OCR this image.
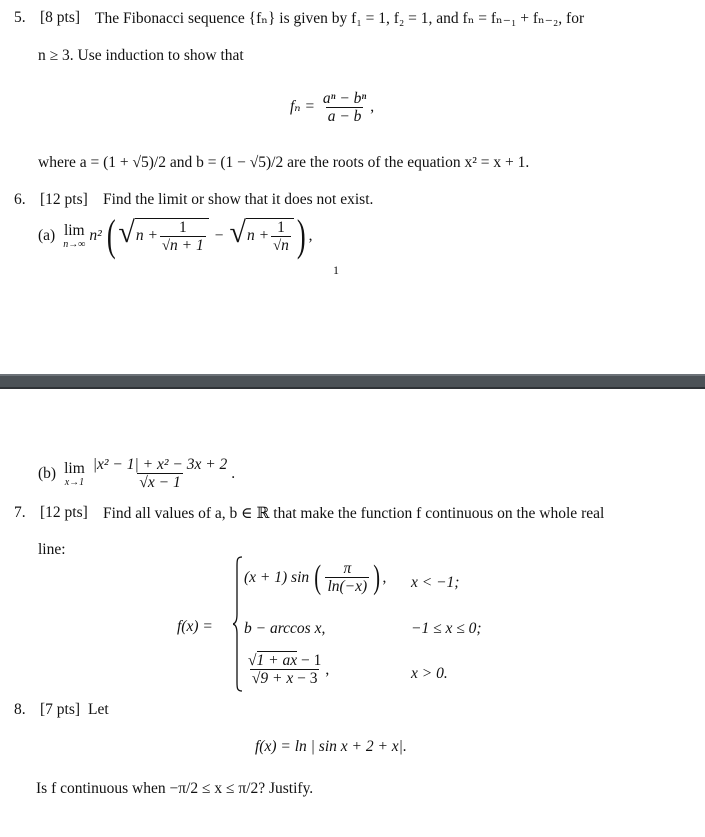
5. [8 pts] The Fibonacci sequence {fₙ} is given by f₁ = 1, f₂ = 1, and fₙ = fₙ₋₁ + fₙ₋₂, for
n ≥ 3. Use induction to show that
$f_n = \frac{\text{aⁿ − bⁿ}}{a - b}$ ,
where a = (1 + √5)/2 and b = (1 − √5)/2 are the roots of the equation x² = x + 1.
6. [12 pts] Find the limit or show that it does not exist.
(a) lim
n→∞
n² ( √ $n + \frac{1}{√n + 1}$ − √ $n + \frac{1}{√n}$ ) ,
1
(b) lim
$x\to 1 \frac{\text{|x² − 1| + x² − 3x + 2}}{√x - 1}$ .
7. [12 pts] Find all values of a, b ∈ ℝ that make the function f continuous on the whole real
line:
f(x) =
(x + 1) sin ( $\frac{\pi}{\ln(-x)}$ ) , x < −1;
b − arccos x,	−1 ≤ x ≤ 0;
$\frac{√1 + ax - 1}{√9 + x - 3}$ ,	x > 0.
8. [7 pts] Let
f(x) = ln | sin x + 2 + x|.
Is f continuous when −π/2 ≤ x ≤ π/2? Justify.
